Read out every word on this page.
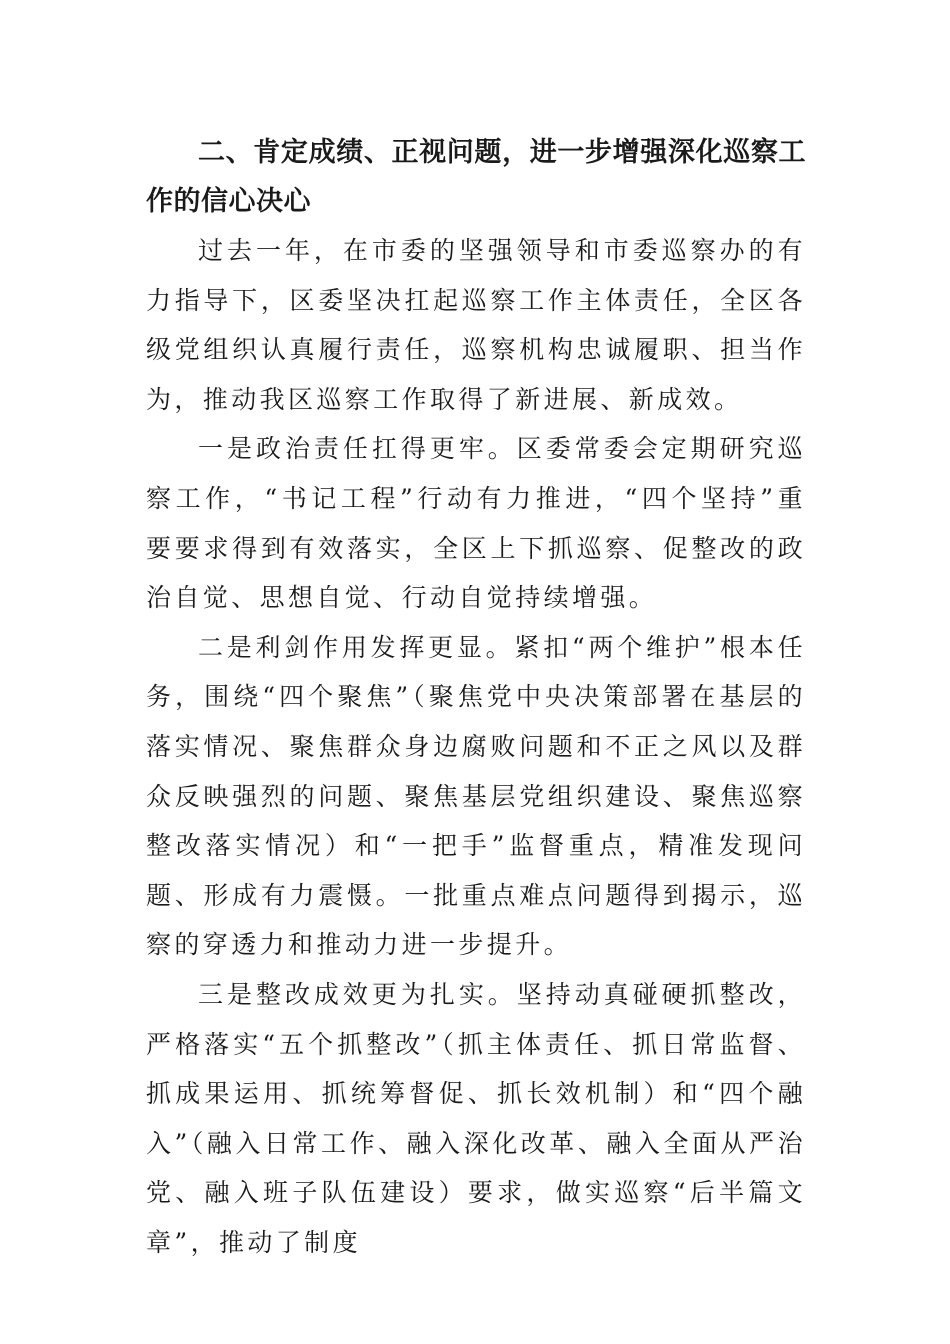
二、肯定成绩、正视问题，进一步增强深化巡察工作的信心决心

过去一年，在市委的坚强领导和市委巡察办的有力指导下，区委坚决扛起巡察工作主体责任，全区各级党组织认真履行责任，巡察机构忠诚履职、担当作为，推动我区巡察工作取得了新进展、新成效。

一是政治责任扛得更牢。区委常委会定期研究巡察工作，“书记工程”行动有力推进，“四个坚持”重要要求得到有效落实，全区上下抓巡察、促整改的政治自觉、思想自觉、行动自觉持续增强。

二是利剑作用发挥更显。紧扣“两个维护”根本任务，围绕“四个聚焦”（聚焦党中央决策部署在基层的落实情况、聚焦群众身边腐败问题和不正之风以及群众反映强烈的问题、聚焦基层党组织建设、聚焦巡察整改落实情况）和“一把手”监督重点，精准发现问题、形成有力震慑。一批重点难点问题得到揭示，巡察的穿透力和推动力进一步提升。

三是整改成效更为扎实。坚持动真碰硬抓整改，严格落实“五个抓整改”（抓主体责任、抓日常监督、抓成果运用、抓统筹督促、抓长效机制）和“四个融入”（融入日常工作、融入深化改革、融入全面从严治党、融入班子队伍建设）要求，做实巡察“后半篇文章”，推动了制度
